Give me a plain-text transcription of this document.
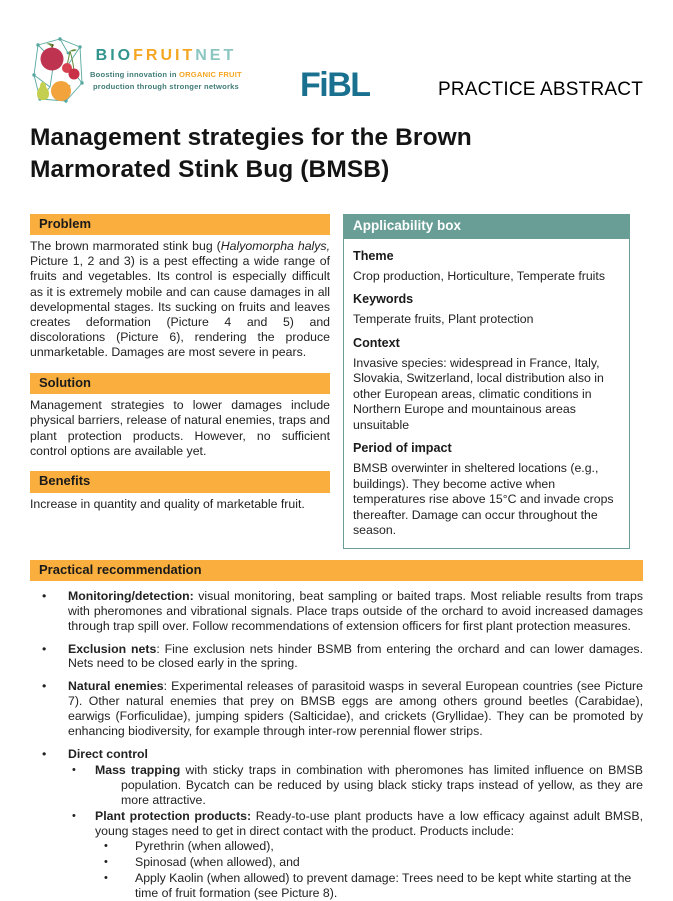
BIOFRUITNET
Boosting innovation in ORGANIC FRUIT
production through stronger networks FiBL	PRACTICE ABSTRACT
Management strategies for the Brown Marmorated Stink Bug (BMSB)
Problem

The brown marmorated stink bug (Halyomorpha halys, Picture 1, 2 and 3) is a pest effecting a wide range of fruits and vegetables. Its control is especially difficult as it is extremely mobile and can cause damages in all developmental stages. Its sucking on fruits and leaves creates deformation (Picture 4 and 5) and discolorations (Picture 6), rendering the produce unmarketable. Damages are most severe in pears.

Solution

Management strategies to lower damages include physical barriers, release of natural enemies, traps and plant protection products. However, no sufficient control options are available yet.

Benefits

Increase in quantity and quality of marketable fruit.

Applicability box
Theme
Crop production, Horticulture, Temperate fruits
Keywords
Temperate fruits, Plant protection
Context
Invasive species: widespread in France, Italy, Slovakia, Switzerland, local distribution also in other European areas, climatic conditions in Northern Europe and mountainous areas unsuitable
Period of impact
BMSB overwinter in sheltered locations (e.g., buildings). They become active when temperatures rise above 15°C and invade crops thereafter. Damage can occur throughout the season.
Practical recommendation
•
Monitoring/detection: visual monitoring, beat sampling or baited traps. Most reliable results from traps with pheromones and vibrational signals. Place traps outside of the orchard to avoid increased damages through trap spill over. Follow recommendations of extension officers for first plant protection measures.
•
Exclusion nets: Fine exclusion nets hinder BSMB from entering the orchard and can lower damages. Nets need to be closed early in the spring.
•
Natural enemies: Experimental releases of parasitoid wasps in several European countries (see Picture 7). Other natural enemies that prey on BMSB eggs are among others ground beetles (Carabidae), earwigs (Forficulidae), jumping spiders (Salticidae), and crickets (Gryllidae). They can be promoted by enhancing biodiversity, for example through inter-row perennial flower strips.
•
Direct control
•
Mass trapping with sticky traps in combination with pheromones has limited influence on BMSB population. Bycatch can be reduced by using black sticky traps instead of yellow, as they are more attractive.
•
Plant protection products: Ready-to-use plant products have a low efficacy against adult BMSB, young stages need to get in direct contact with the product. Products include:
•
Pyrethrin (when allowed),
•
Spinosad (when allowed), and
•
Apply Kaolin (when allowed) to prevent damage: Trees need to be kept white starting at the time of fruit formation (see Picture 8).
